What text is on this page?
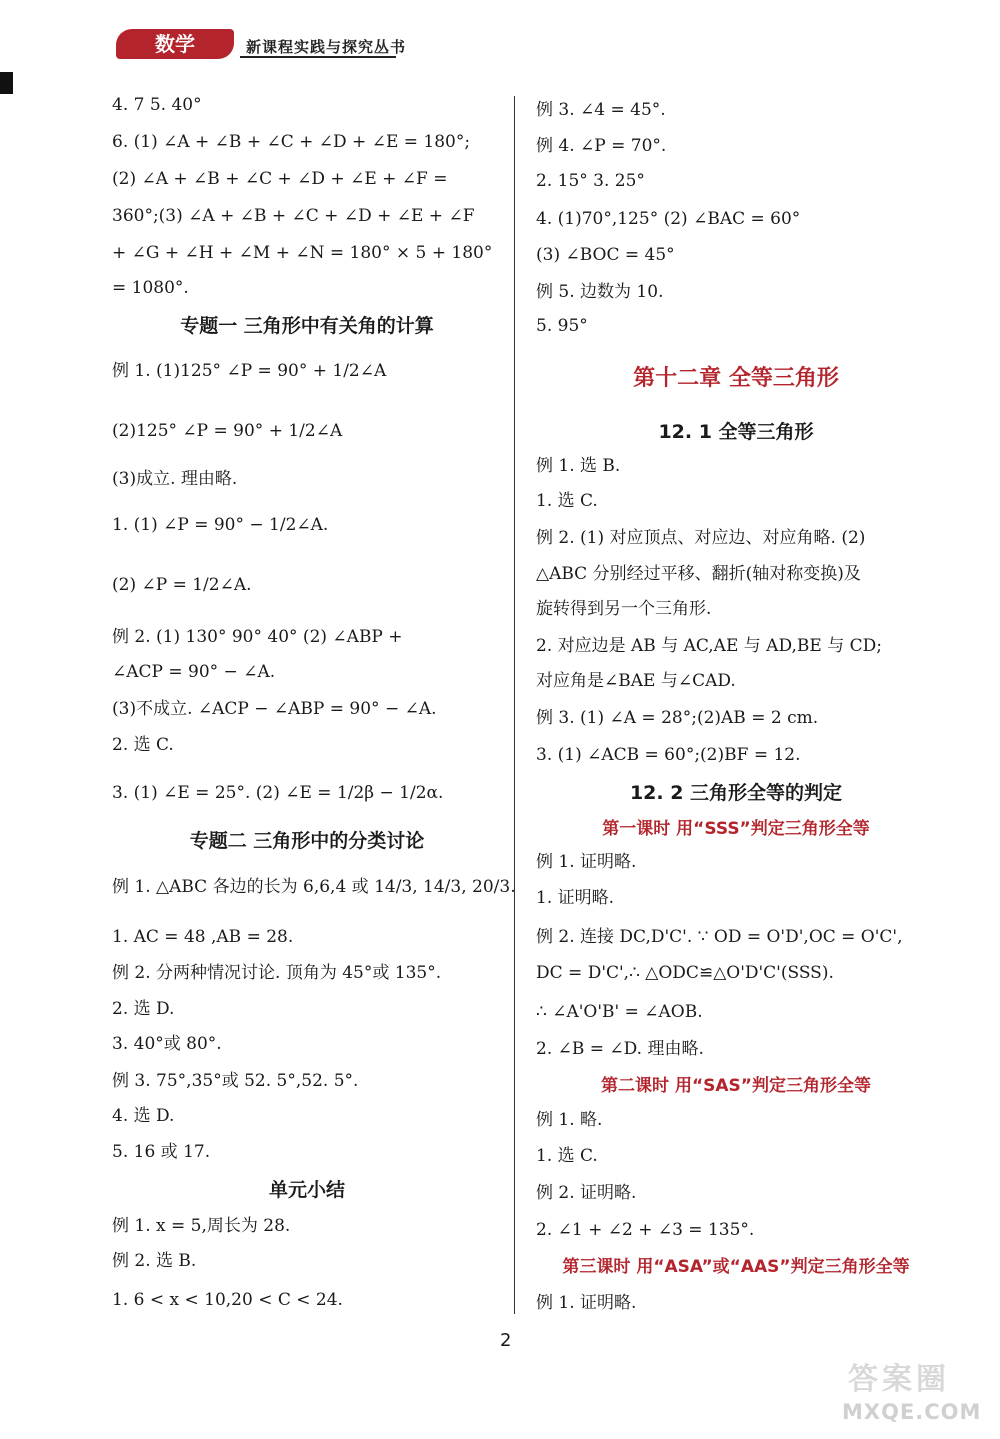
数学	新课程实践与探究丛书
4. 7 5. 40°
6. (1) ∠A + ∠B + ∠C + ∠D + ∠E = 180°;
(2) ∠A + ∠B + ∠C + ∠D + ∠E + ∠F =
360°;(3) ∠A + ∠B + ∠C + ∠D + ∠E + ∠F
+ ∠G + ∠H + ∠M + ∠N = 180° × 5 + 180°
= 1080°.
专题一 三角形中有关角的计算
例 1. (1)125° ∠P = 90° + 1/2∠A
(2)125° ∠P = 90° + 1/2∠A
(3)成立. 理由略.
1. (1) ∠P = 90° − 1/2∠A.
(2) ∠P = 1/2∠A.
例 2. (1) 130° 90° 40° (2) ∠ABP +
∠ACP = 90° − ∠A.
(3)不成立. ∠ACP − ∠ABP = 90° − ∠A.
2. 选 C.
3. (1) ∠E = 25°. (2) ∠E = 1/2β − 1/2α.
专题二 三角形中的分类讨论
例 1. △ABC 各边的长为 6,6,4 或 14/3, 14/3, 20/3.
1. AC = 48 ,AB = 28.
例 2. 分两种情况讨论. 顶角为 45°或 135°.
2. 选 D.
3. 40°或 80°.
例 3. 75°,35°或 52. 5°,52. 5°.
4. 选 D.
5. 16 或 17.
单元小结
例 1. x = 5,周长为 28.
例 2. 选 B.
1. 6 < x < 10,20 < C < 24.
例 3. ∠4 = 45°.
例 4. ∠P = 70°.
2. 15° 3. 25°
4. (1)70°,125° (2) ∠BAC = 60°
(3) ∠BOC = 45°
例 5. 边数为 10.
5. 95°
第十二章 全等三角形
12. 1 全等三角形
例 1. 选 B.
1. 选 C.
例 2. (1) 对应顶点、对应边、对应角略. (2)
△ABC 分别经过平移、翻折(轴对称变换)及
旋转得到另一个三角形.
2. 对应边是 AB 与 AC,AE 与 AD,BE 与 CD;
对应角是∠BAE 与∠CAD.
例 3. (1) ∠A = 28°;(2)AB = 2 cm.
3. (1) ∠ACB = 60°;(2)BF = 12.
12. 2 三角形全等的判定
第一课时 用“SSS”判定三角形全等
例 1. 证明略.
1. 证明略.
例 2. 连接 DC,D'C'. ∵ OD = O'D',OC = O'C',
DC = D'C',∴ △ODC≌△O'D'C'(SSS).
∴ ∠A'O'B' = ∠AOB.
2. ∠B = ∠D. 理由略.
第二课时 用“SAS”判定三角形全等
例 1. 略.
1. 选 C.
例 2. 证明略.
2. ∠1 + ∠2 + ∠3 = 135°.
第三课时 用“ASA”或“AAS”判定三角形全等
例 1. 证明略.
2
答案圈
MXQE.COM
